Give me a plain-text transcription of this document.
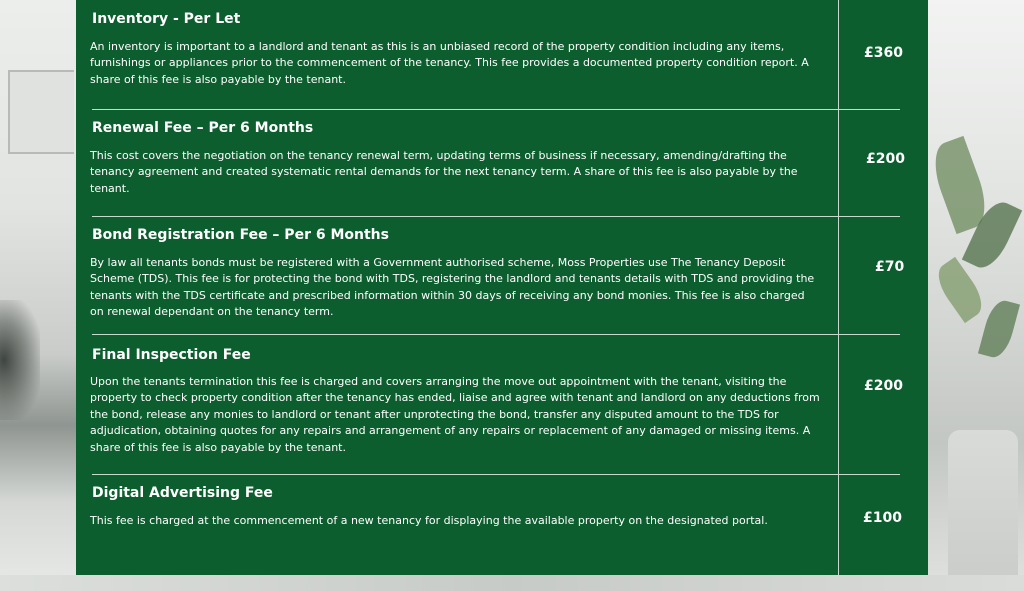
Inventory - Per Let
An inventory is important to a landlord and tenant as this is an unbiased record of the property condition including any items, furnishings or appliances prior to the commencement of the tenancy. This fee provides a documented property condition report. A share of this fee is also payable by the tenant.
£360
Renewal Fee – Per 6 Months
This cost covers the negotiation on the tenancy renewal term, updating terms of business if necessary, amending/drafting the tenancy agreement and created systematic rental demands for the next tenancy term. A share of this fee is also payable by the tenant.
£200
Bond Registration Fee – Per 6 Months
By law all tenants bonds must be registered with a Government authorised scheme, Moss Properties use The Tenancy Deposit Scheme (TDS). This fee is for protecting the bond with TDS, registering the landlord and tenants details with TDS and providing the tenants with the TDS certificate and prescribed information within 30 days of receiving any bond monies. This fee is also charged on renewal dependant on the tenancy term.
£70
Final Inspection Fee
Upon the tenants termination this fee is charged and covers arranging the move out appointment with the tenant, visiting the property to check property condition after the tenancy has ended, liaise and agree with tenant and landlord on any deductions from the bond, release any monies to landlord or tenant after unprotecting the bond, transfer any disputed amount to the TDS for adjudication, obtaining quotes for any repairs and arrangement of any repairs or replacement of any damaged or missing items. A share of this fee is also payable by the tenant.
£200
Digital Advertising Fee
This fee is charged at the commencement of a new tenancy for displaying the available property on the designated portal.	£100
